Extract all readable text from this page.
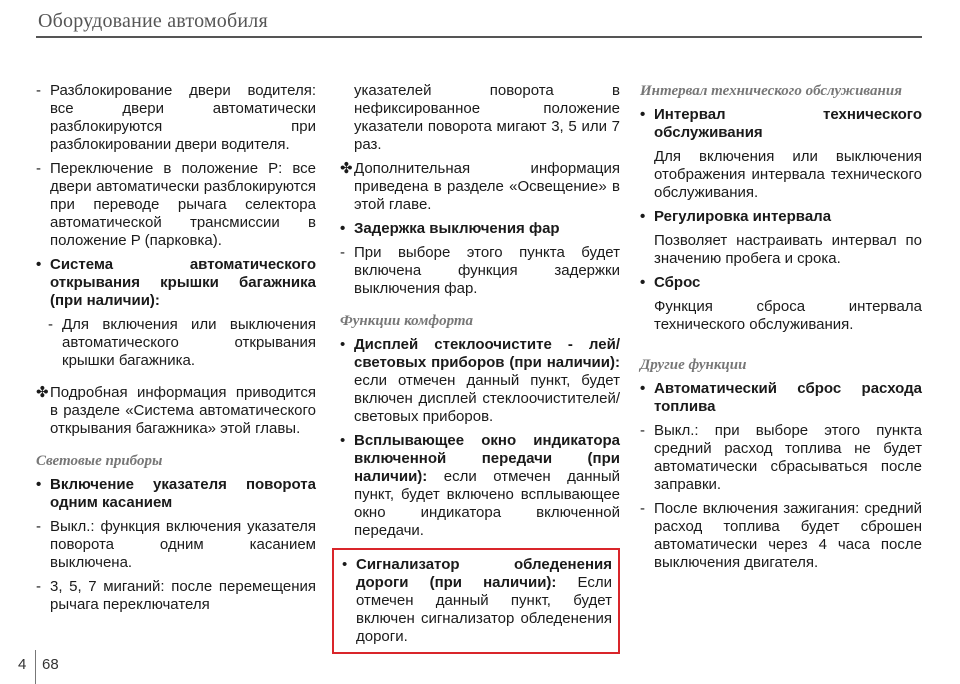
Оборудование автомобиля
- Разблокирование двери водителя: все двери автоматически разблокируются при разблокировании двери водителя.
- Переключение в положение P: все двери автоматически разблокируются при переводе рычага селектора автоматической трансмиссии в положение P (парковка).
• Система автоматического открывания крышки багажника (при наличии):
- Для включения или выключения автоматического открывания крышки багажника.
✤ Подробная информация приводится в разделе «Система автоматического открывания багажника» этой главы.
Световые приборы
• Включение указателя поворота одним касанием
- Выкл.: функция включения указателя поворота одним касанием выключена.
- 3, 5, 7 миганий: после перемещения рычага переключателя
указателей поворота в нефиксированное положение указатели поворота мигают 3, 5 или 7 раз.
✤ Дополнительная информация приведена в разделе «Освещение» в этой главе.
• Задержка выключения фар
- При выборе этого пункта будет включена функция задержки выключения фар.
Функции комфорта
• Дисплей стеклоочистите - лей/световых приборов (при наличии): если отмечен данный пункт, будет включен дисплей стеклоочистителей/световых приборов.
• Всплывающее окно индикатора включенной передачи (при наличии): если отмечен данный пункт, будет включено всплывающее окно индикатора включенной передачи.
• Сигнализатор обледенения дороги (при наличии): Если отмечен данный пункт, будет включен сигнализатор обледенения дороги.
Интервал технического обслуживания
• Интервал технического обслуживания
Для включения или выключения отображения интервала технического обслуживания.
• Регулировка интервала
Позволяет настраивать интервал по значению пробега и срока.
• Сброс
Функция сброса интервала технического обслуживания.
Другие функции
• Автоматический сброс расхода топлива
- Выкл.: при выборе этого пункта средний расход топлива не будет автоматически сбрасываться после заправки.
- После включения зажигания: средний расход топлива будет сброшен автоматически через 4 часа после выключения двигателя.
4 68
